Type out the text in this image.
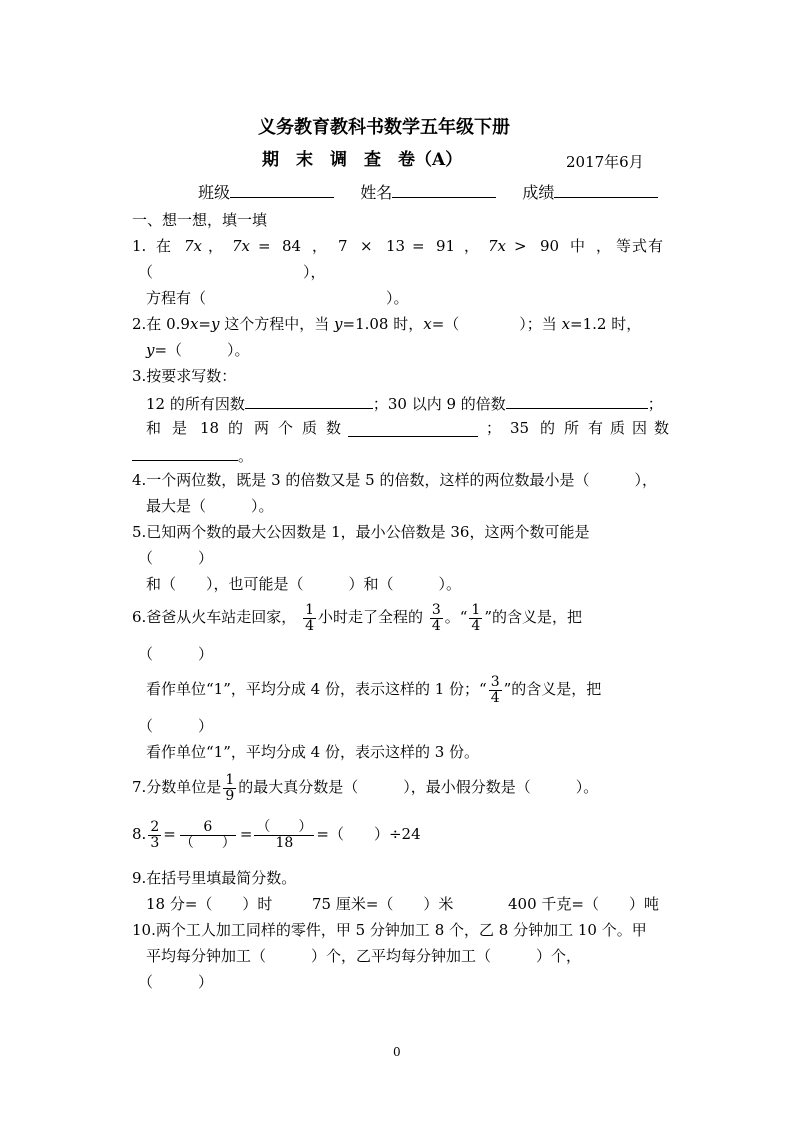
义务教育教科书数学五年级下册
期　末　调　查　卷（A）	2017年6月
班级	姓名	成绩
一、想一想，填一填
1. 在 7x ， 7x = 84 ， 7 × 13 = 91 ， 7x > 90 中 ， 等 式 有
（　　　　　　　　　　），
方程有（　　　　　　　　　　　　）。
2.在 0.9x=y 这个方程中，当 y=1.08 时，x=（　　　　）；当 x=1.2 时，
y=（　　　）。
3.按要求写数：
12 的所有因数	；30 以内 9 的倍数	；
和 是 18 的 两 个 质 数	； 35 的 所 有 质 因 数
。
4.一个两位数，既是 3 的倍数又是 5 的倍数，这样的两位数最小是（　　　），
最大是（　　　）。
5.已知两个数的最大公因数是 1，最小公倍数是 36，这两个数可能是
（　　　）
和（　　），也可能是（　　　）和（　　　）。
6.爸爸从火车站走回家， $\frac{1}{4}$ 小时走了全程的 $\frac{3}{4}$ 。“ $\frac{1}{4}$ ”的含义是，把
（　　　）
看作单位“1”，平均分成 4 份，表示这样的 1 份；“ $\frac{3}{4}$ ”的含义是，把
（　　　）
看作单位“1”，平均分成 4 份，表示这样的 3 份。
7.分数单位是 $\frac{1}{9}$ 的最大真分数是（　　　），最小假分数是（　　　）。
8. $\frac{2}{3} = \frac{6}{( )} = \frac{( )}{18}$ =（　　）÷24
9.在括号里填最简分数。
18 分=（　　）时	75 厘米=（　　）米	400 千克=（　　）吨
10.两个工人加工同样的零件，甲 5 分钟加工 8 个，乙 8 分钟加工 10 个。甲
平均每分钟加工（　　　）个，乙平均每分钟加工（　　　）个，
（　　　）
0
